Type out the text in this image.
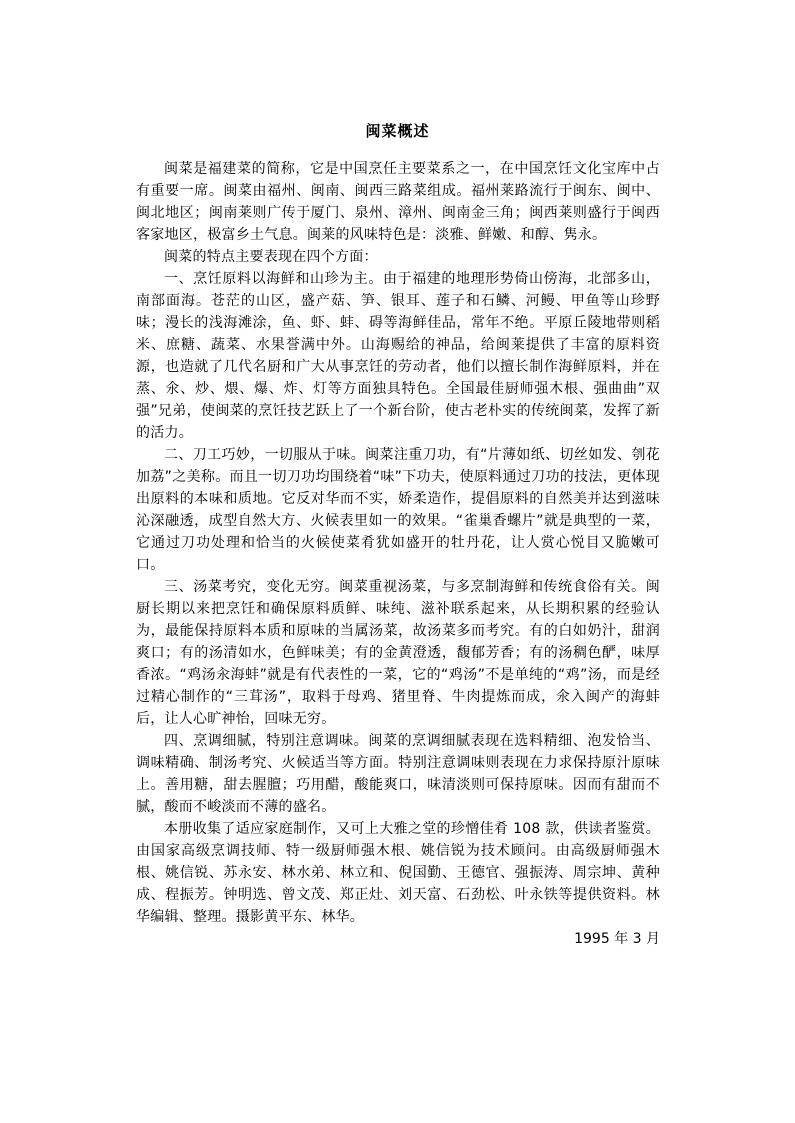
闽菜概述

闽菜是福建菜的简称，它是中国烹任主要菜系之一，在中国烹饪文化宝库中占有重要一席。闽菜由福州、闽南、闽西三路菜组成。福州莱路流行于闽东、闽中、闽北地区；闽南莱则广传于厦门、泉州、漳州、闽南金三角；闽西莱则盛行于闽西客家地区，极富乡土气息。闽莱的风味特色是：淡雅、鲜嫩、和醇、隽永。

闽菜的特点主要表现在四个方面：

一、烹饪原料以海鲜和山珍为主。由于福建的地理形势倚山傍海，北部多山，南部面海。苍茫的山区，盛产菇、笋、银耳、莲子和石鳞、河鳗、甲鱼等山珍野味；漫长的浅海滩涂，鱼、虾、蚌、碍等海鲜佳品，常年不绝。平原丘陵地带则稻米、庶糖、蔬菜、水果誉满中外。山海赐给的神品，给闽莱提供了丰富的原料资源，也造就了几代名厨和广大从事烹饪的劳动者，他们以擅长制作海鲜原料，并在蒸、氽、炒、煨、爆、炸、灯等方面独具特色。全国最佳厨师强木根、强曲曲”双强”兄弟，使闽菜的烹饪技艺跃上了一个新台阶，使古老朴实的传统闽菜，发挥了新的活力。

二、刀工巧妙，一切服从于味。闽菜注重刀功，有“片薄如纸、切丝如发、刳花加荔”之美称。而且一切刀功均围绕着“味”下功夫，使原料通过刀功的技法，更体现出原料的本味和质地。它反对华而不实，娇柔造作，提倡原料的自然美并达到滋味沁深融透，成型自然大方、火候表里如一的效果。“雀巢香螺片”就是典型的一菜，它通过刀功处理和恰当的火候使菜肴犹如盛开的牡丹花，让人赏心悦目又脆嫩可口。

三、汤菜考究，变化无穷。闽菜重视汤菜，与多烹制海鲜和传统食俗有关。闽厨长期以来把烹饪和确保原料质鲜、味纯、滋补联系起来，从长期积累的经验认为，最能保持原料本质和原味的当属汤菜，故汤菜多而考究。有的白如奶汁，甜润爽口；有的汤清如水，色鲜味美；有的金黄澄透，馥郁芳香；有的汤稠色酽，味厚香浓。“鸡汤汆海蚌”就是有代表性的一菜，它的“鸡汤”不是单纯的“鸡”汤，而是经过精心制作的“三茸汤”，取料于母鸡、猪里脊、牛肉提炼而成，氽入闽产的海蚌后，让人心旷神怡，回味无穷。

四、烹调细腻，特别注意调味。闽菜的烹调细腻表现在选料精细、泡发恰当、调味精确、制汤考究、火候适当等方面。特别注意调味则表现在力求保持原汁原味上。善用糖，甜去腥膻；巧用醋，酸能爽口，味清淡则可保持原味。因而有甜而不腻，酸而不峻淡而不薄的盛名。

本册收集了适应家庭制作，又可上大雅之堂的珍憎佳肴 108 款，供读者鉴赏。由国家高级烹调技师、特一级厨师强木根、姚信锐为技术顾问。由高级厨师强木根、姚信锐、苏永安、林水弟、林立和、倪国勤、王德官、强振涛、周宗坤、黄种成、程振芳。钟明选、曾文茂、郑正灶、刘天富、石劲松、叶永铁等提供资料。林华编辑、整理。摄影黄平东、林华。

1995 年 3 月
